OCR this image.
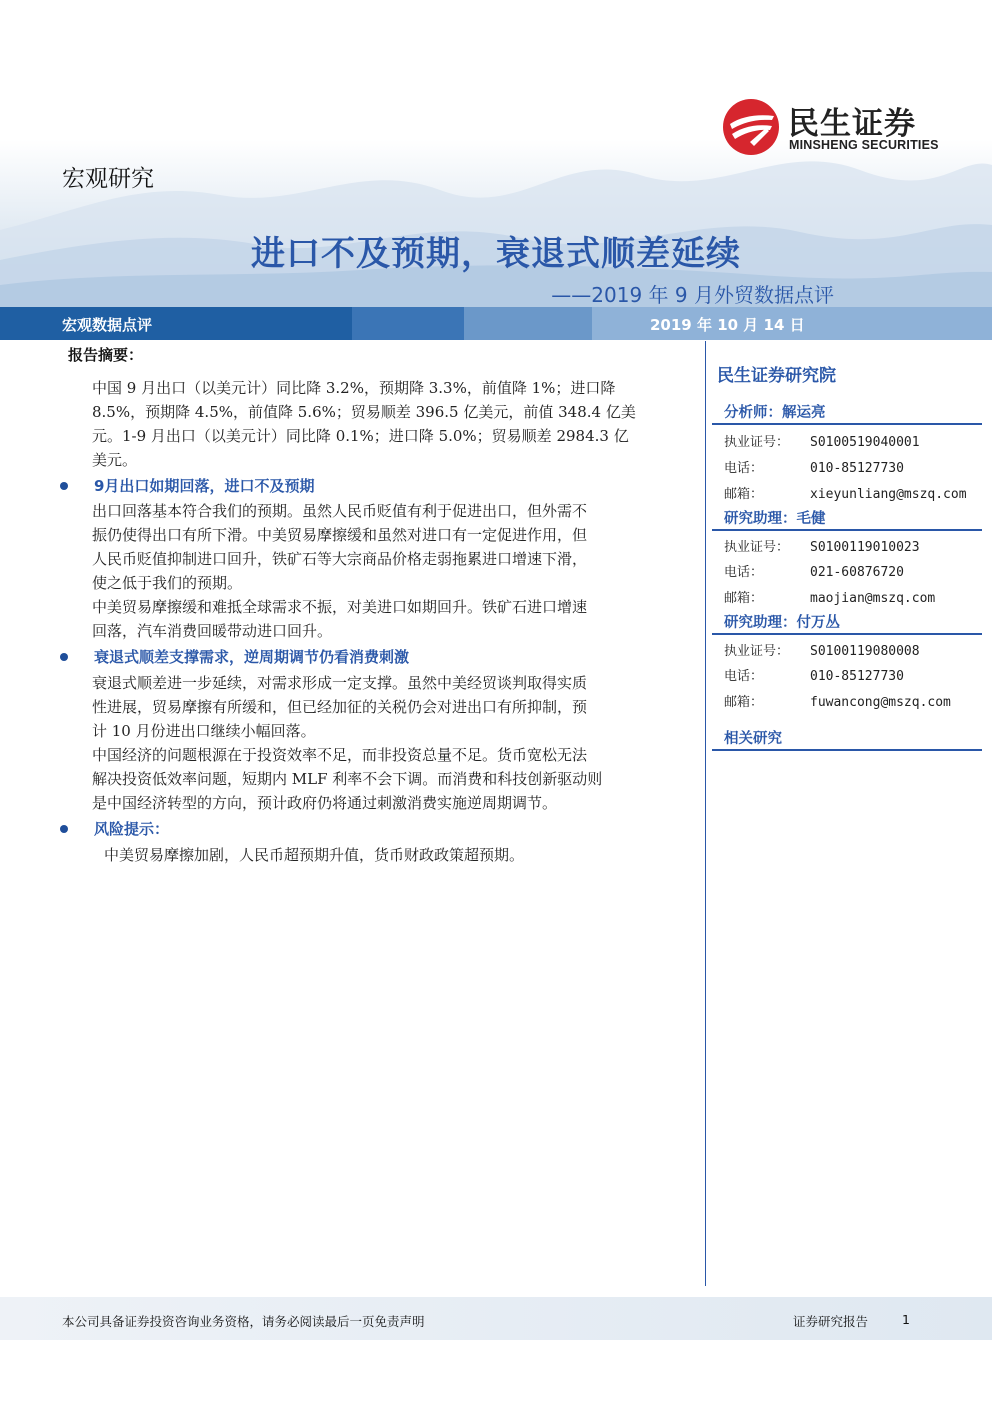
民生证券
MINSHENG SECURITIES
宏观研究
进口不及预期，衰退式顺差延续
——2019 年 9 月外贸数据点评
宏观数据点评	2019 年 10 月 14 日
报告摘要：
中国 9 月出口（以美元计）同比降 3.2%，预期降 3.3%，前值降 1%；进口降
8.5%，预期降 4.5%，前值降 5.6%；贸易顺差 396.5 亿美元，前值 348.4 亿美
元。1-9 月出口（以美元计）同比降 0.1%；进口降 5.0%；贸易顺差 2984.3 亿
美元。
9月出口如期回落，进口不及预期
出口回落基本符合我们的预期。虽然人民币贬值有利于促进出口，但外需不
振仍使得出口有所下滑。中美贸易摩擦缓和虽然对进口有一定促进作用，但
人民币贬值抑制进口回升，铁矿石等大宗商品价格走弱拖累进口增速下滑，
使之低于我们的预期。
中美贸易摩擦缓和难抵全球需求不振，对美进口如期回升。铁矿石进口增速
回落，汽车消费回暖带动进口回升。
衰退式顺差支撑需求，逆周期调节仍看消费刺激
衰退式顺差进一步延续，对需求形成一定支撑。虽然中美经贸谈判取得实质
性进展，贸易摩擦有所缓和，但已经加征的关税仍会对进出口有所抑制，预
计 10 月份进出口继续小幅回落。
中国经济的问题根源在于投资效率不足，而非投资总量不足。货币宽松无法
解决投资低效率问题，短期内 MLF 利率不会下调。而消费和科技创新驱动则
是中国经济转型的方向，预计政府仍将通过刺激消费实施逆周期调节。
风险提示：
中美贸易摩擦加剧，人民币超预期升值，货币财政政策超预期。
民生证券研究院
分析师：解运亮
执业证号： S0100519040001
电话：	010-85127730
邮箱：	xieyunliang@mszq.com
研究助理：毛健
执业证号： S0100119010023
电话：	021-60876720
邮箱：	maojian@mszq.com
研究助理：付万丛
执业证号： S0100119080008
电话：	010-85127730
邮箱：	fuwancong@mszq.com
相关研究
本公司具备证券投资咨询业务资格，请务必阅读最后一页免责声明	证券研究报告	1
